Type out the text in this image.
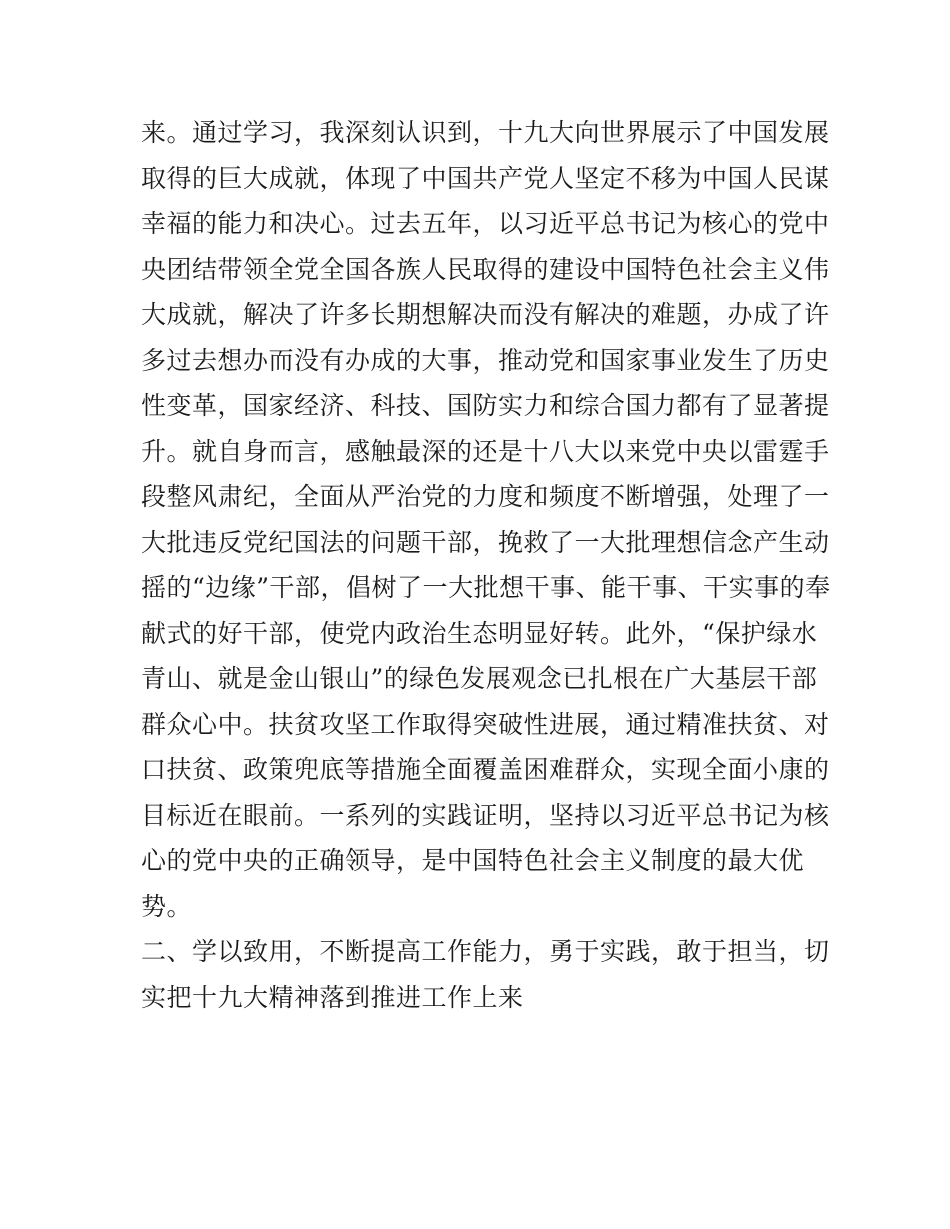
来。通过学习，我深刻认识到，十九大向世界展示了中国发展
取得的巨大成就，体现了中国共产党人坚定不移为中国人民谋
幸福的能力和决心。过去五年，以习近平总书记为核心的党中
央团结带领全党全国各族人民取得的建设中国特色社会主义伟
大成就，解决了许多长期想解决而没有解决的难题，办成了许
多过去想办而没有办成的大事，推动党和国家事业发生了历史
性变革，国家经济、科技、国防实力和综合国力都有了显著提
升。就自身而言，感触最深的还是十八大以来党中央以雷霆手
段整风肃纪，全面从严治党的力度和频度不断增强，处理了一
大批违反党纪国法的问题干部，挽救了一大批理想信念产生动
摇的“边缘”干部，倡树了一大批想干事、能干事、干实事的奉
献式的好干部，使党内政治生态明显好转。此外，“保护绿水
青山、就是金山银山”的绿色发展观念已扎根在广大基层干部
群众心中。扶贫攻坚工作取得突破性进展，通过精准扶贫、对
口扶贫、政策兜底等措施全面覆盖困难群众，实现全面小康的
目标近在眼前。一系列的实践证明，坚持以习近平总书记为核
心的党中央的正确领导，是中国特色社会主义制度的最大优
势。
二、学以致用，不断提高工作能力，勇于实践，敢于担当，切
实把十九大精神落到推进工作上来
